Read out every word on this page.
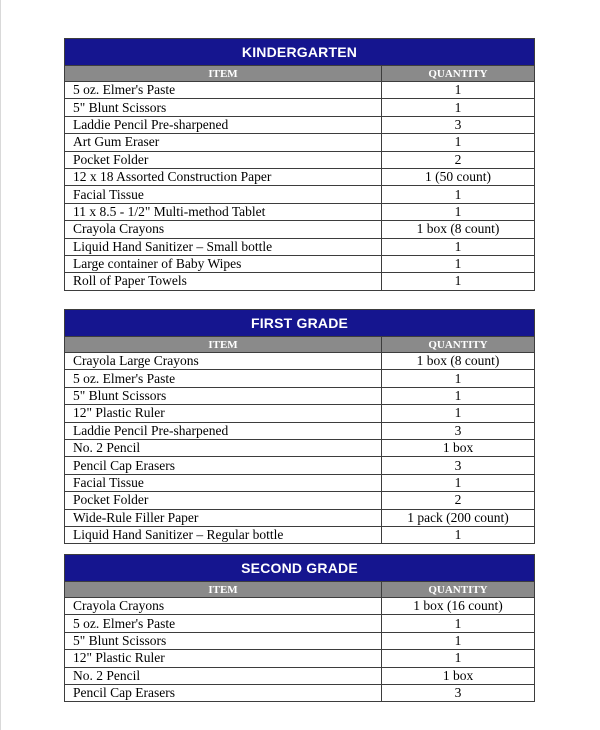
KINDERGARTEN	
ITEM	QUANTITY
5 oz. Elmer's Paste	1
5" Blunt Scissors	1
Laddie Pencil Pre-sharpened	3
Art Gum Eraser	1
Pocket Folder	2
12 x 18 Assorted Construction Paper	1 (50 count)
Facial Tissue	1
11 x 8.5 - 1/2" Multi-method Tablet	1
Crayola Crayons	1 box (8 count)
Liquid Hand Sanitizer – Small bottle	1
Large container of Baby Wipes	1
Roll of Paper Towels	1
FIRST GRADE	
ITEM	QUANTITY
Crayola Large Crayons	1 box (8 count)
5 oz. Elmer's Paste	1
5" Blunt Scissors	1
12" Plastic Ruler	1
Laddie Pencil Pre-sharpened	3
No. 2 Pencil	1 box
Pencil Cap Erasers	3
Facial Tissue	1
Pocket Folder	2
Wide-Rule Filler Paper	1 pack (200 count)
Liquid Hand Sanitizer – Regular bottle	1
SECOND GRADE	
ITEM	QUANTITY
Crayola Crayons	1 box (16 count)
5 oz. Elmer's Paste	1
5" Blunt Scissors	1
12" Plastic Ruler	1
No. 2 Pencil	1 box
Pencil Cap Erasers	3
